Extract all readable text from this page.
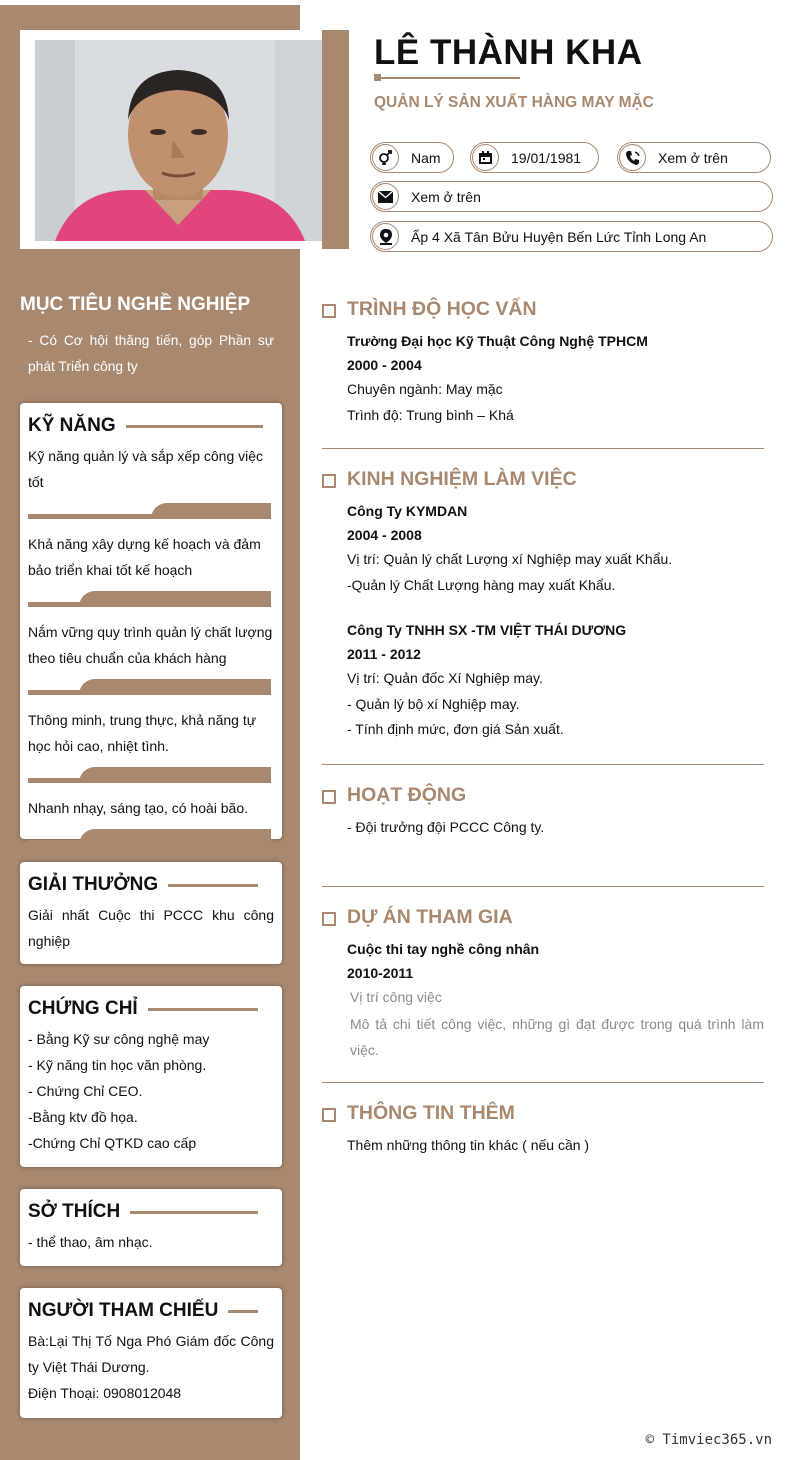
LÊ THÀNH KHA
QUẢN LÝ SẢN XUẤT HÀNG MAY MẶC
Nam	19/01/1981	Xem ở trên
Xem ở trên
Ấp 4 Xã Tân Bửu Huyện Bến Lức Tỉnh Long An
MỤC TIÊU NGHỀ NGHIỆP
- Có Cơ hội thăng tiến, góp Phần sự phát Triển công ty
KỸ NĂNG
Kỹ năng quản lý và sắp xếp công việc tốt
Khả năng xây dựng kế hoạch và đảm bảo triển khai tốt kế hoạch
Nắm vững quy trình quản lý chất lượng theo tiêu chuẩn của khách hàng
Thông minh, trung thực, khả năng tự học hỏi cao, nhiệt tình.
Nhanh nhạy, sáng tạo, có hoài bão.
GIẢI THƯỞNG
Giải nhất Cuộc thi PCCC khu công nghiệp
CHỨNG CHỈ
- Bằng Kỹ sư công nghệ may
- Kỹ năng tin học văn phòng.
- Chứng Chỉ CEO.
-Bằng ktv đồ họa.
-Chứng Chỉ QTKD cao cấp
SỞ THÍCH
- thể thao, âm nhạc.
NGƯỜI THAM CHIẾU
Bà:Lại Thị Tố Nga Phó Giám đốc Công ty Việt Thái Dương.
Điện Thoại: 0908012048
TRÌNH ĐỘ HỌC VẤN
Trường Đại học Kỹ Thuật Công Nghệ TPHCM
2000 - 2004
Chuyên ngành: May mặc
Trình độ: Trung bình – Khá
KINH NGHIỆM LÀM VIỆC
Công Ty KYMDAN
2004 - 2008
Vị trí: Quản lý chất Lượng xí Nghiệp may xuất Khẩu.
-Quản lý Chất Lượng hàng may xuất Khẩu.
Công Ty TNHH SX -TM VIỆT THÁI DƯƠNG
2011 - 2012
Vị trí: Quản đốc Xí Nghiệp may.
- Quản lý bộ xí Nghiệp may.
- Tính định mức, đơn giá Sản xuất.
HOẠT ĐỘNG
- Đội trưởng đội PCCC Công ty.
DỰ ÁN THAM GIA
Cuộc thi tay nghề công nhân
2010-2011
Vị trí công việc
Mô tả chi tiết công việc, những gì đạt được trong quá trình làm việc.
THÔNG TIN THÊM
Thêm những thông tin khác ( nếu cần )
© Timviec365.vn
